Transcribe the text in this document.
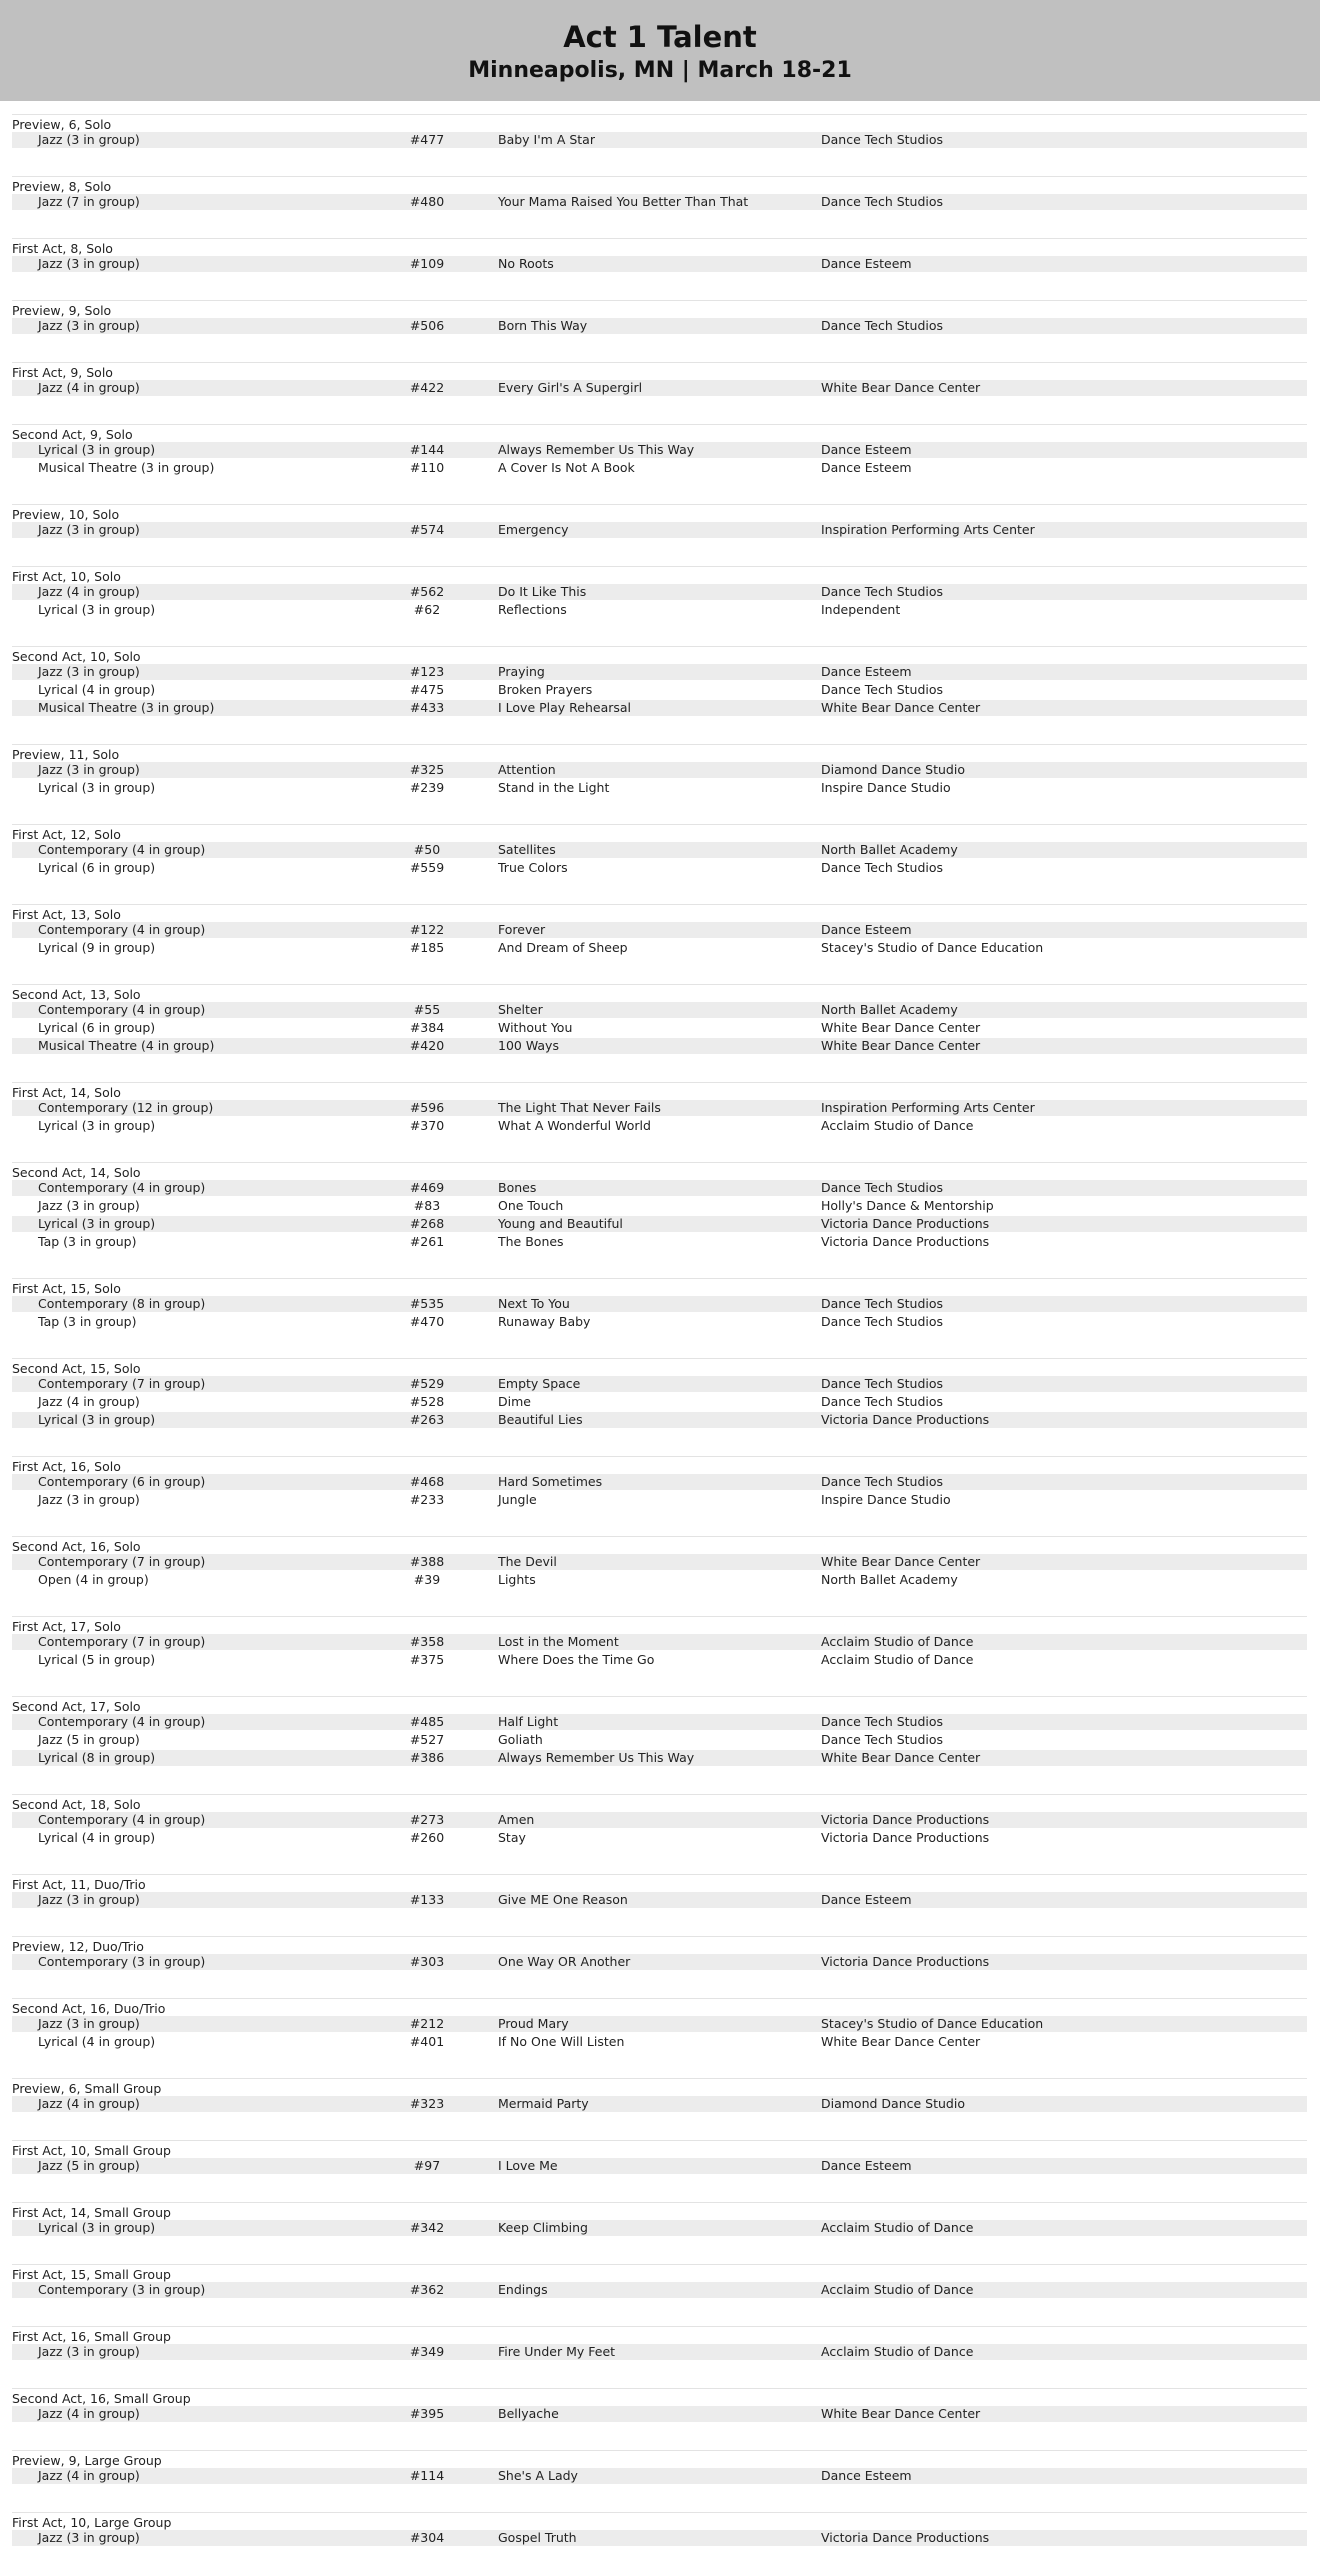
Act 1 Talent
Minneapolis, MN | March 18-21
Preview, 6, Solo
Jazz (3 in group)	#477	Baby I'm A Star	Dance Tech Studios
Preview, 8, Solo
Jazz (7 in group)	#480	Your Mama Raised You Better Than That	Dance Tech Studios
First Act, 8, Solo
Jazz (3 in group)	#109	No Roots	Dance Esteem
Preview, 9, Solo
Jazz (3 in group)	#506	Born This Way	Dance Tech Studios
First Act, 9, Solo
Jazz (4 in group)	#422	Every Girl's A Supergirl	White Bear Dance Center
Second Act, 9, Solo
Lyrical (3 in group)	#144	Always Remember Us This Way	Dance Esteem
Musical Theatre (3 in group)	#110	A Cover Is Not A Book	Dance Esteem
Preview, 10, Solo
Jazz (3 in group)	#574	Emergency	Inspiration Performing Arts Center
First Act, 10, Solo
Jazz (4 in group)	#562	Do It Like This	Dance Tech Studios
Lyrical (3 in group)	#62	Reflections	Independent
Second Act, 10, Solo
Jazz (3 in group)	#123	Praying	Dance Esteem
Lyrical (4 in group)	#475	Broken Prayers	Dance Tech Studios
Musical Theatre (3 in group)	#433	I Love Play Rehearsal	White Bear Dance Center
Preview, 11, Solo
Jazz (3 in group)	#325	Attention	Diamond Dance Studio
Lyrical (3 in group)	#239	Stand in the Light	Inspire Dance Studio
First Act, 12, Solo
Contemporary (4 in group)	#50	Satellites	North Ballet Academy
Lyrical (6 in group)	#559	True Colors	Dance Tech Studios
First Act, 13, Solo
Contemporary (4 in group)	#122	Forever	Dance Esteem
Lyrical (9 in group)	#185	And Dream of Sheep	Stacey's Studio of Dance Education
Second Act, 13, Solo
Contemporary (4 in group)	#55	Shelter	North Ballet Academy
Lyrical (6 in group)	#384	Without You	White Bear Dance Center
Musical Theatre (4 in group)	#420	100 Ways	White Bear Dance Center
First Act, 14, Solo
Contemporary (12 in group)	#596	The Light That Never Fails	Inspiration Performing Arts Center
Lyrical (3 in group)	#370	What A Wonderful World	Acclaim Studio of Dance
Second Act, 14, Solo
Contemporary (4 in group)	#469	Bones	Dance Tech Studios
Jazz (3 in group)	#83	One Touch	Holly's Dance & Mentorship
Lyrical (3 in group)	#268	Young and Beautiful	Victoria Dance Productions
Tap (3 in group)	#261	The Bones	Victoria Dance Productions
First Act, 15, Solo
Contemporary (8 in group)	#535	Next To You	Dance Tech Studios
Tap (3 in group)	#470	Runaway Baby	Dance Tech Studios
Second Act, 15, Solo
Contemporary (7 in group)	#529	Empty Space	Dance Tech Studios
Jazz (4 in group)	#528	Dime	Dance Tech Studios
Lyrical (3 in group)	#263	Beautiful Lies	Victoria Dance Productions
First Act, 16, Solo
Contemporary (6 in group)	#468	Hard Sometimes	Dance Tech Studios
Jazz (3 in group)	#233	Jungle	Inspire Dance Studio
Second Act, 16, Solo
Contemporary (7 in group)	#388	The Devil	White Bear Dance Center
Open (4 in group)	#39	Lights	North Ballet Academy
First Act, 17, Solo
Contemporary (7 in group)	#358	Lost in the Moment	Acclaim Studio of Dance
Lyrical (5 in group)	#375	Where Does the Time Go	Acclaim Studio of Dance
Second Act, 17, Solo
Contemporary (4 in group)	#485	Half Light	Dance Tech Studios
Jazz (5 in group)	#527	Goliath	Dance Tech Studios
Lyrical (8 in group)	#386	Always Remember Us This Way	White Bear Dance Center
Second Act, 18, Solo
Contemporary (4 in group)	#273	Amen	Victoria Dance Productions
Lyrical (4 in group)	#260	Stay	Victoria Dance Productions
First Act, 11, Duo/Trio
Jazz (3 in group)	#133	Give ME One Reason	Dance Esteem
Preview, 12, Duo/Trio
Contemporary (3 in group)	#303	One Way OR Another	Victoria Dance Productions
Second Act, 16, Duo/Trio
Jazz (3 in group)	#212	Proud Mary	Stacey's Studio of Dance Education
Lyrical (4 in group)	#401	If No One Will Listen	White Bear Dance Center
Preview, 6, Small Group
Jazz (4 in group)	#323	Mermaid Party	Diamond Dance Studio
First Act, 10, Small Group
Jazz (5 in group)	#97	I Love Me	Dance Esteem
First Act, 14, Small Group
Lyrical (3 in group)	#342	Keep Climbing	Acclaim Studio of Dance
First Act, 15, Small Group
Contemporary (3 in group)	#362	Endings	Acclaim Studio of Dance
First Act, 16, Small Group
Jazz (3 in group)	#349	Fire Under My Feet	Acclaim Studio of Dance
Second Act, 16, Small Group
Jazz (4 in group)	#395	Bellyache	White Bear Dance Center
Preview, 9, Large Group
Jazz (4 in group)	#114	She's A Lady	Dance Esteem
First Act, 10, Large Group
Jazz (3 in group)	#304	Gospel Truth	Victoria Dance Productions
